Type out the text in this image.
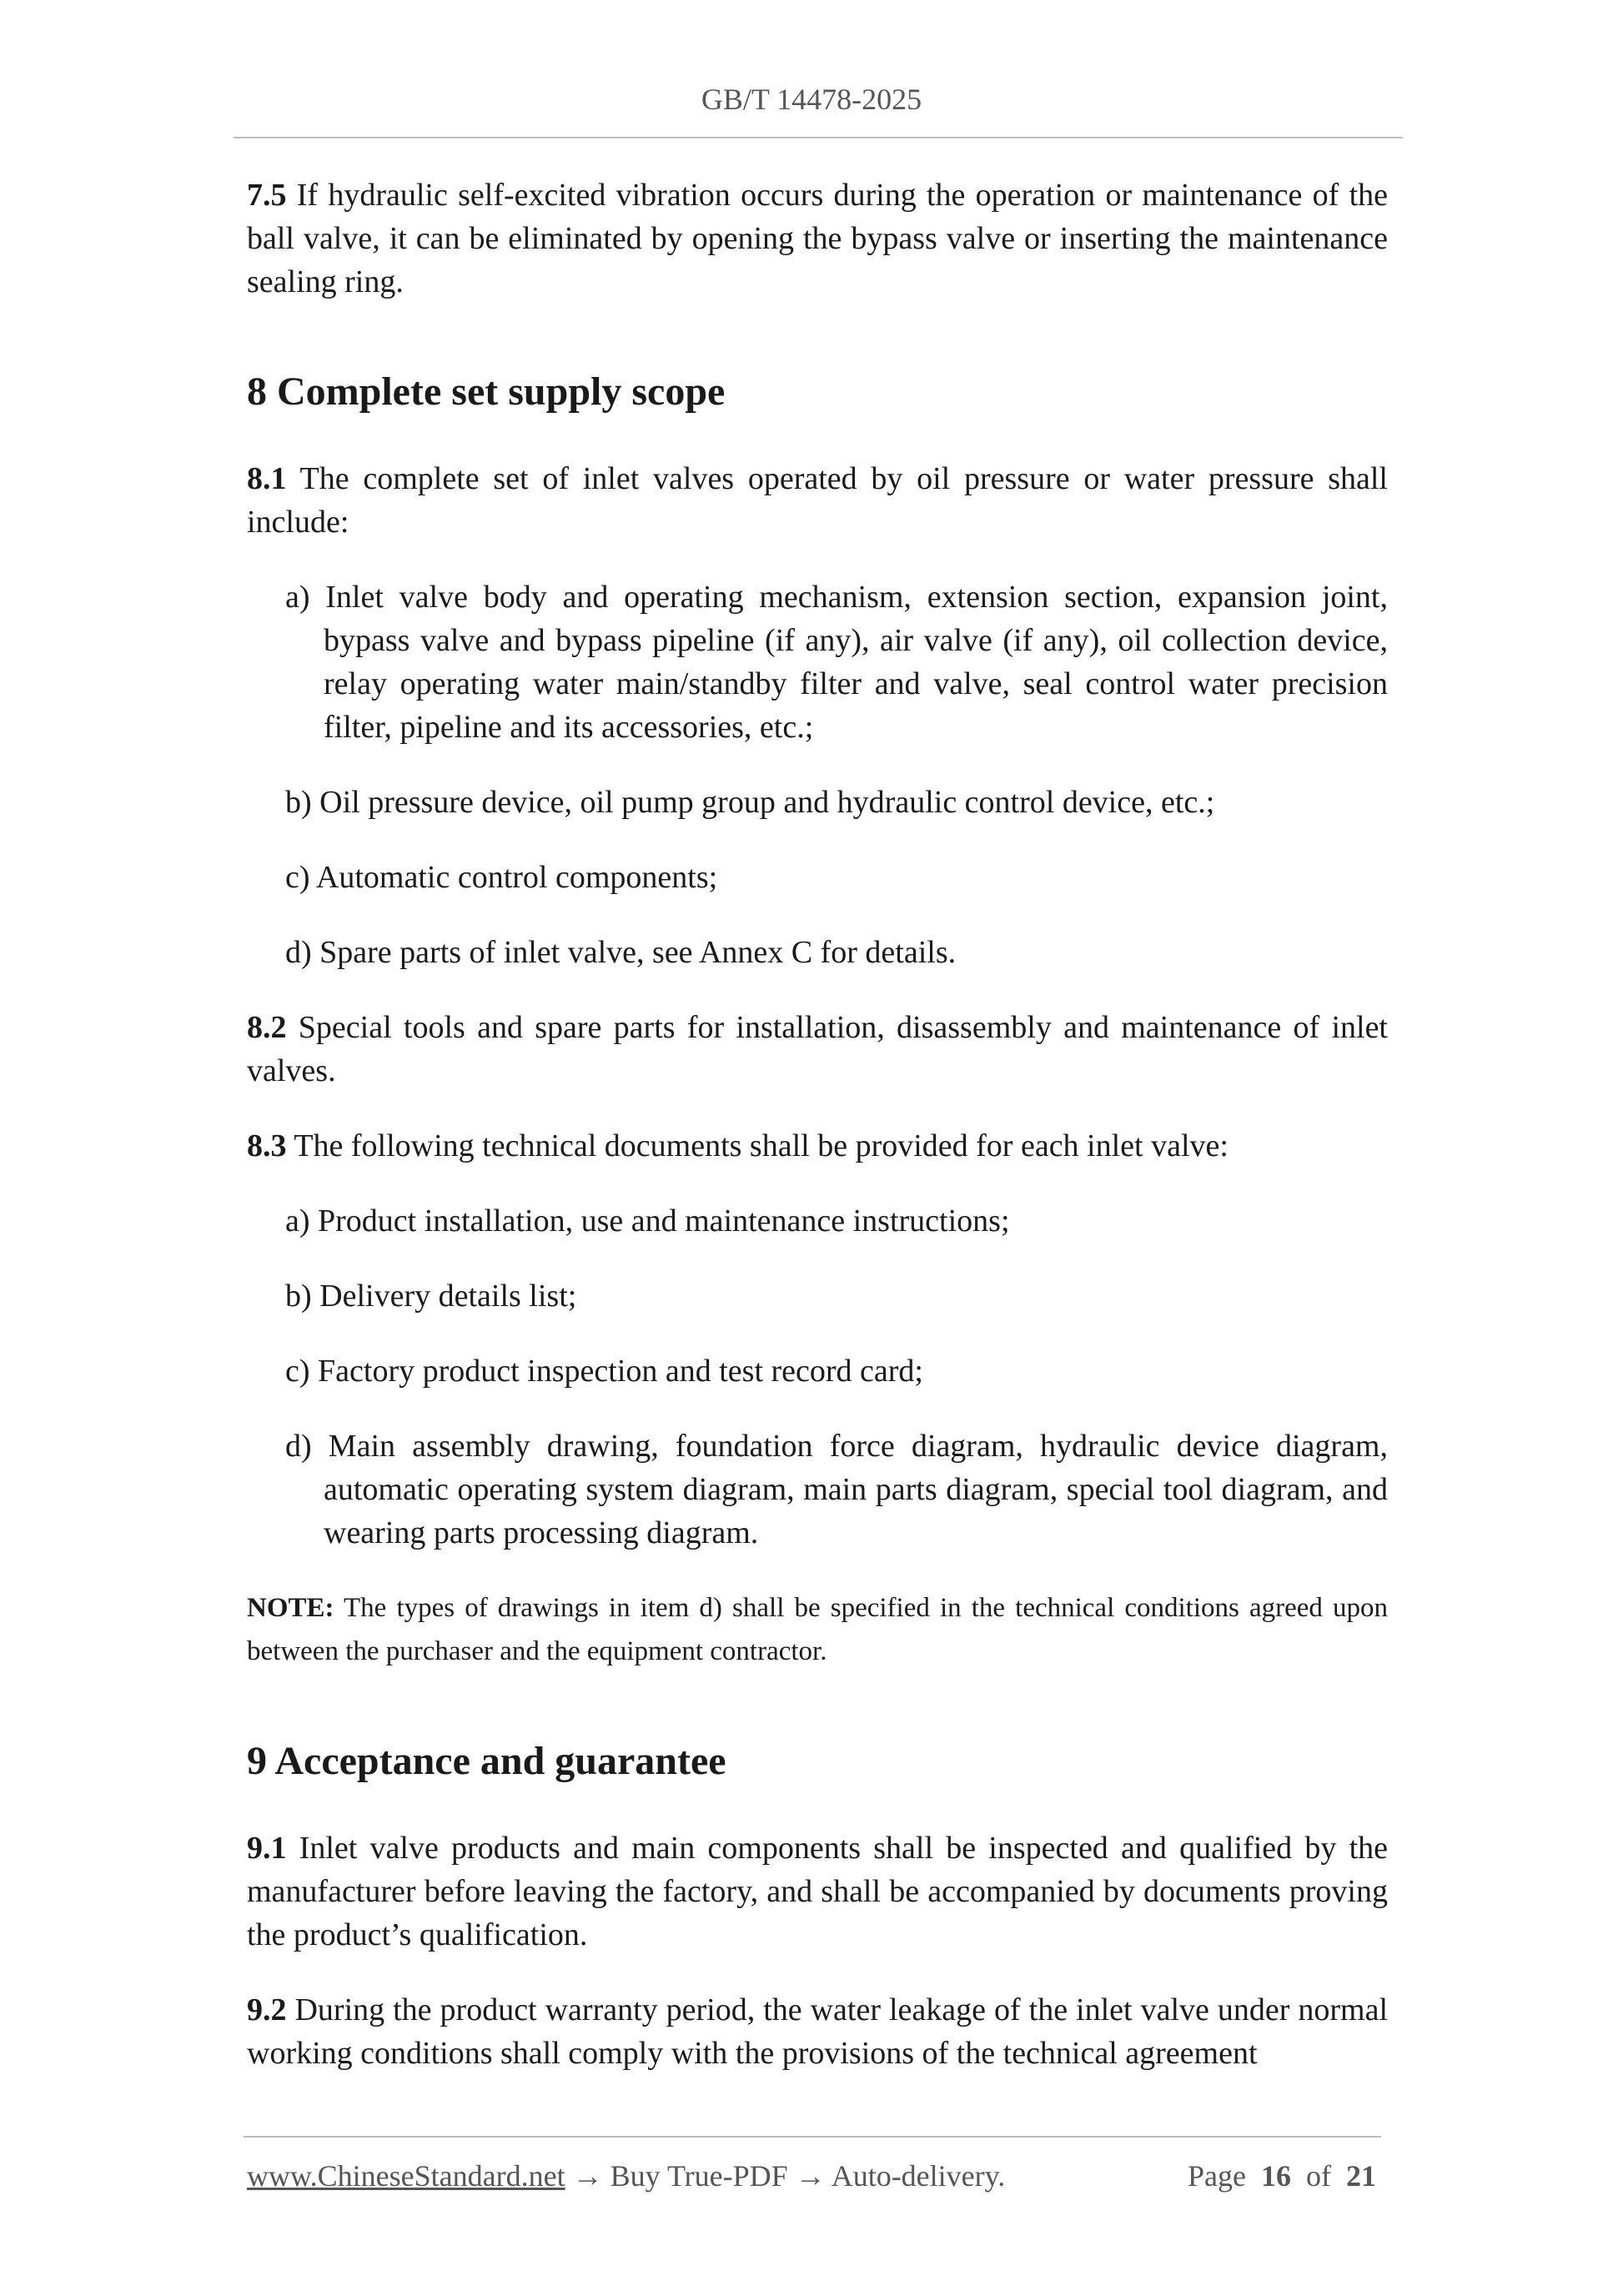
GB/T 14478-2025

7.5 If hydraulic self-excited vibration occurs during the operation or maintenance of the ball valve, it can be eliminated by opening the bypass valve or inserting the maintenance sealing ring.

8 Complete set supply scope

8.1 The complete set of inlet valves operated by oil pressure or water pressure shall include:

a) Inlet valve body and operating mechanism, extension section, expansion joint, bypass valve and bypass pipeline (if any), air valve (if any), oil collection device, relay operating water main/standby filter and valve, seal control water precision filter, pipeline and its accessories, etc.;

b) Oil pressure device, oil pump group and hydraulic control device, etc.;

c) Automatic control components;

d) Spare parts of inlet valve, see Annex C for details.

8.2 Special tools and spare parts for installation, disassembly and maintenance of inlet valves.

8.3 The following technical documents shall be provided for each inlet valve:

a) Product installation, use and maintenance instructions;

b) Delivery details list;

c) Factory product inspection and test record card;

d) Main assembly drawing, foundation force diagram, hydraulic device diagram, automatic operating system diagram, main parts diagram, special tool diagram, and wearing parts processing diagram.

NOTE: The types of drawings in item d) shall be specified in the technical conditions agreed upon between the purchaser and the equipment contractor.

9 Acceptance and guarantee

9.1 Inlet valve products and main components shall be inspected and qualified by the manufacturer before leaving the factory, and shall be accompanied by documents proving the product’s qualification.

9.2 During the product warranty period, the water leakage of the inlet valve under normal working conditions shall comply with the provisions of the technical agreement

www.ChineseStandard.net → Buy True-PDF → Auto-delivery.	Page 16 of 21
